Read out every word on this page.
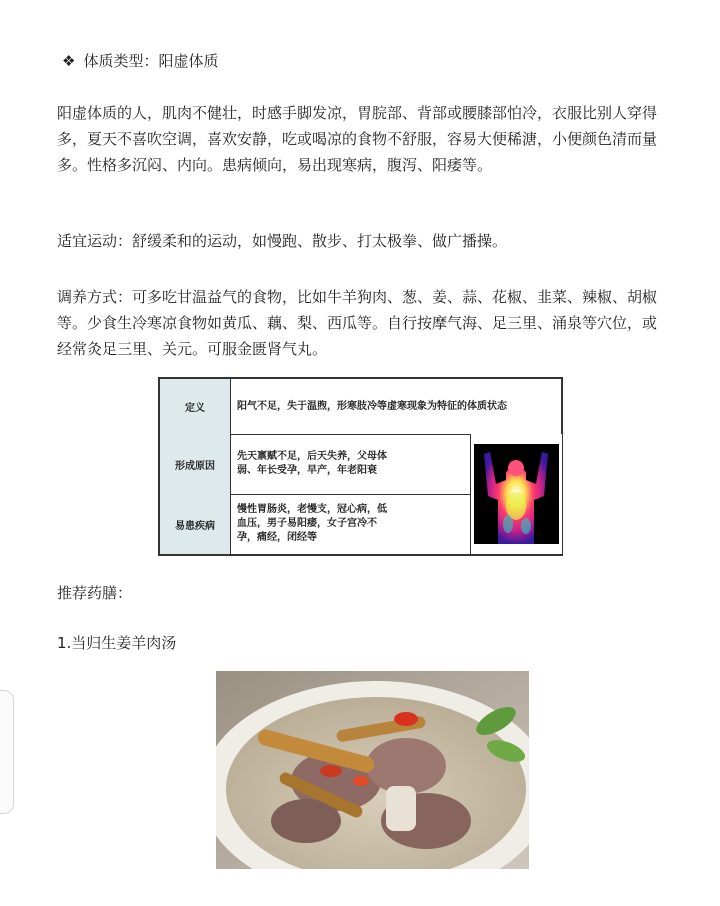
❖ 体质类型：阳虚体质
阳虚体质的人，肌肉不健壮，时感手脚发凉，胃脘部、背部或腰膝部怕冷，衣服比别人穿得多，夏天不喜吹空调，喜欢安静，吃或喝凉的食物不舒服，容易大便稀溏，小便颜色清而量多。性格多沉闷、内向。患病倾向，易出现寒病，腹泻、阳痿等。
适宜运动：舒缓柔和的运动，如慢跑、散步、打太极拳、做广播操。
调养方式：可多吃甘温益气的食物，比如牛羊狗肉、葱、姜、蒜、花椒、韭菜、辣椒、胡椒等。少食生冷寒凉食物如黄瓜、藕、梨、西瓜等。自行按摩气海、足三里、涌泉等穴位，或经常灸足三里、关元。可服金匮肾气丸。
定义	阳气不足，失于温煦，形寒肢冷等虚寒现象为特征的体质状态
形成原因
先天禀赋不足，后天失养，父母体弱、年长受孕，早产，年老阳衰
易患疾病
慢性胃肠炎，老慢支，冠心病，低血压，男子易阳痿，女子宫冷不孕，痛经，闭经等
推荐药膳：
1.当归生姜羊肉汤
